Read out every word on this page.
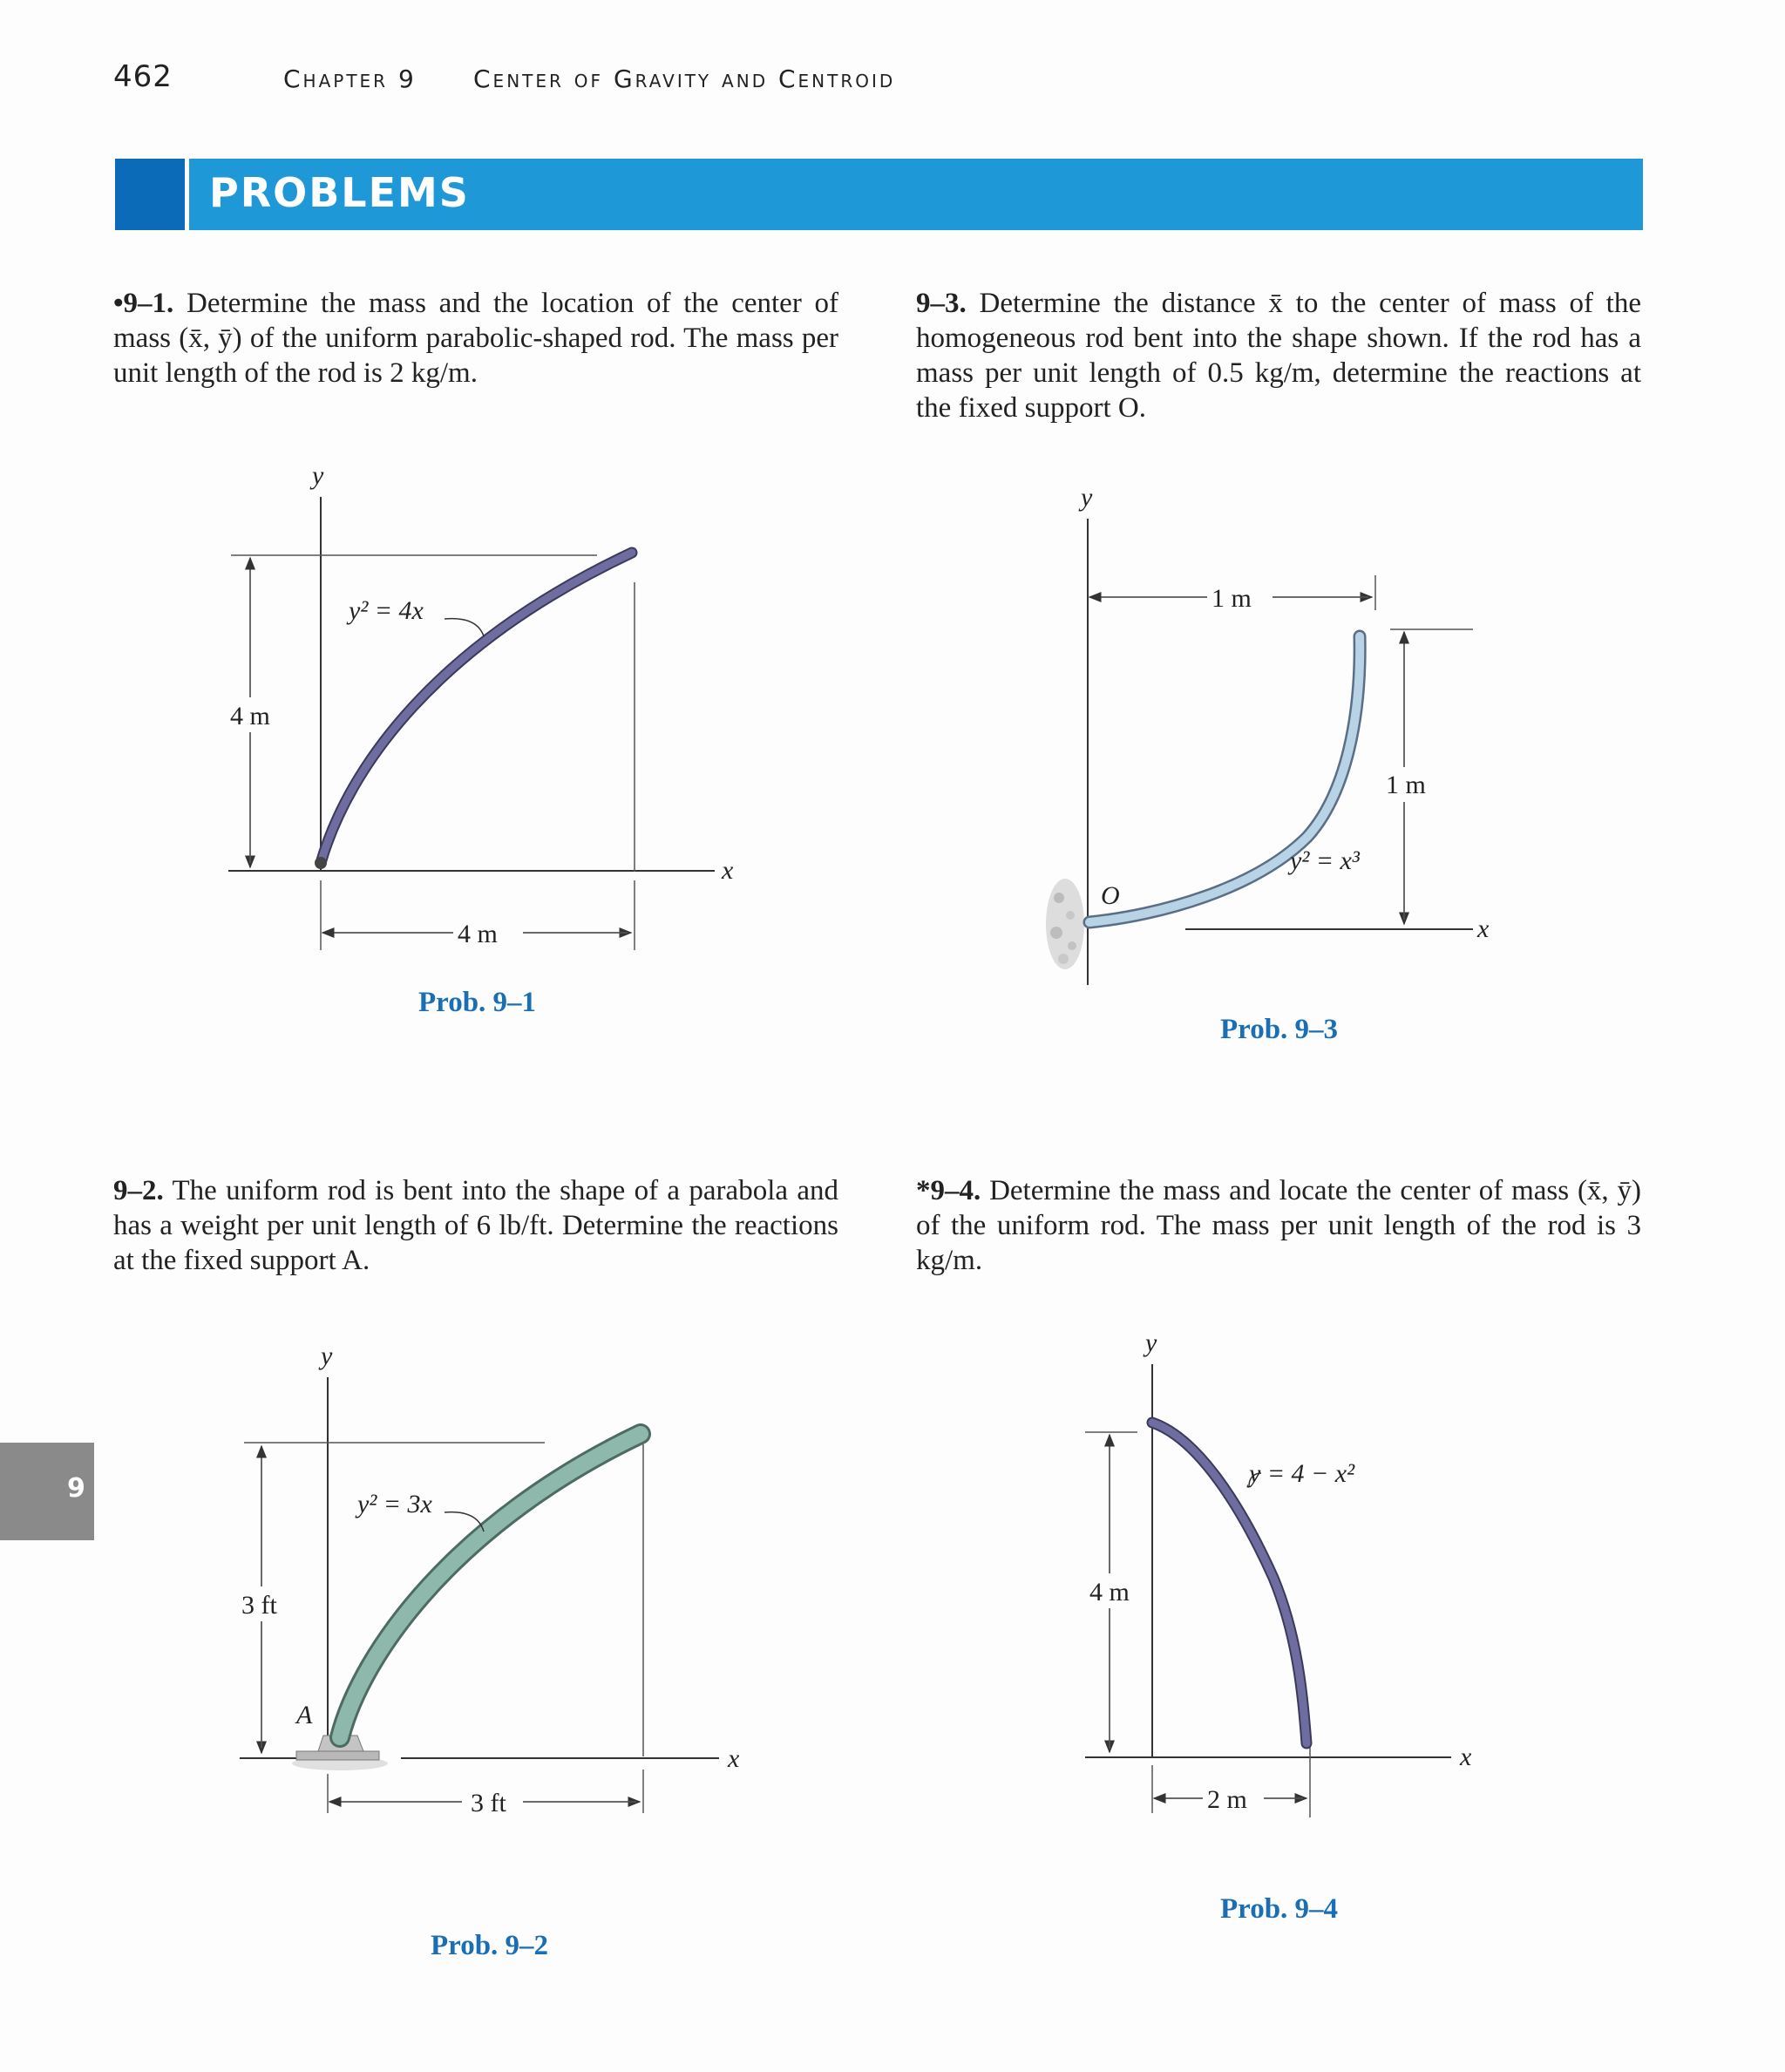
462	Chapter 9 Center of Gravity and Centroid
PROBLEMS
9
•9–1. Determine the mass and the location of the center of mass (x̄, ȳ) of the uniform parabolic-shaped rod. The mass per unit length of the rod is 2 kg/m.
9–3. Determine the distance x̄ to the center of mass of the homogeneous rod bent into the shape shown. If the rod has a mass per unit length of 0.5 kg/m, determine the reactions at the fixed support O.
9–2. The uniform rod is bent into the shape of a parabola and has a weight per unit length of 6 lb/ft. Determine the reactions at the fixed support A.
*9–4. Determine the mass and locate the center of mass (x̄, ȳ) of the uniform rod. The mass per unit length of the rod is 3 kg/m.
y
x
4 m
4 m
y² = 4x
Prob. 9–1
y
x
1 m
1 m
O
y² = x³
Prob. 9–3
y
x
3 ft
3 ft
A
y² = 3x
Prob. 9–2
y
x
4 m
2 m
y = 4 − x²
Prob. 9–4
